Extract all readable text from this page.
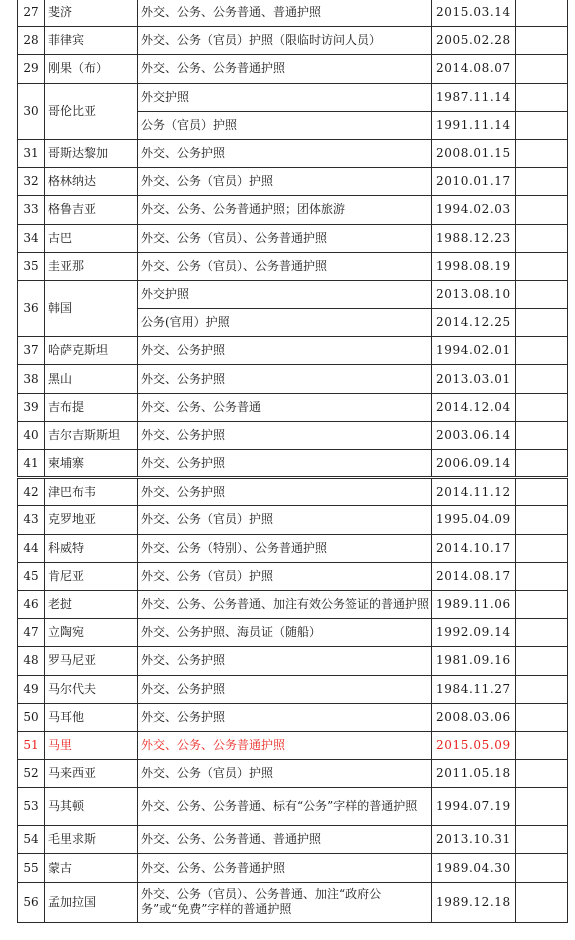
27	斐济	外交、公务、公务普通、普通护照	2015.03.14	
28	菲律宾	外交、公务（官员）护照（限临时访问人员）	2005.02.28	
29	刚果（布）	外交、公务、公务普通护照	2014.08.07	
30	哥伦比亚	外交护照	1987.11.14	
		公务（官员）护照	1991.11.14	
31	哥斯达黎加	外交、公务护照	2008.01.15	
32	格林纳达	外交、公务（官员）护照	2010.01.17	
33	格鲁吉亚	外交、公务、公务普通护照；团体旅游	1994.02.03	
34	古巴	外交、公务（官员）、公务普通护照	1988.12.23	
35	圭亚那	外交、公务（官员）、公务普通护照	1998.08.19	
36	韩国	外交护照	2013.08.10	
		公务(官用）护照	2014.12.25	
37	哈萨克斯坦	外交、公务护照	1994.02.01	
38	黑山	外交、公务护照	2013.03.01	
39	吉布提	外交、公务、公务普通	2014.12.04	
40	吉尔吉斯斯坦	外交、公务护照	2003.06.14	
41	柬埔寨	外交、公务护照	2006.09.14	
42	津巴布韦	外交、公务护照	2014.11.12	
43	克罗地亚	外交、公务（官员）护照	1995.04.09	
44	科威特	外交、公务（特别）、公务普通护照	2014.10.17	
45	肯尼亚	外交、公务（官员）护照	2014.08.17	
46	老挝	外交、公务、公务普通、加注有效公务签证的普通护照	1989.11.06	
47	立陶宛	外交、公务护照、海员证（随船）	1992.09.14	
48	罗马尼亚	外交、公务护照	1981.09.16	
49	马尔代夫	外交、公务护照	1984.11.27	
50	马耳他	外交、公务护照	2008.03.06	
51	马里	外交、公务、公务普通护照	2015.05.09	
52	马来西亚	外交、公务（官员）护照	2011.05.18	
53	马其顿	外交、公务、公务普通、标有“公务”字样的普通护照	1994.07.19	
54	毛里求斯	外交、公务、公务普通、普通护照	2013.10.31	
55	蒙古	外交、公务、公务普通护照	1989.04.30	
56	孟加拉国	外交、公务（官员）、公务普通、加注“政府公务”或“免费”字样的普通护照	1989.12.18	
